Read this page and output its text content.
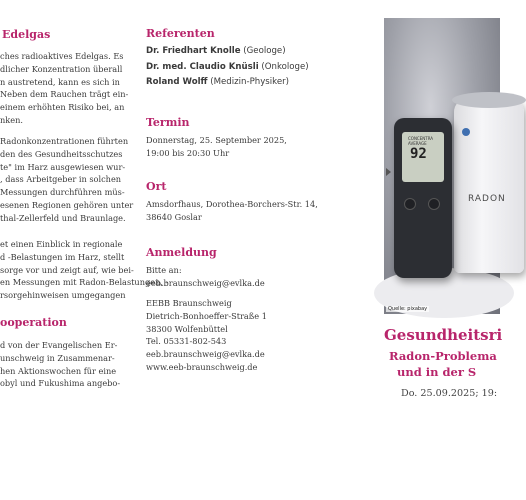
Edelgas

ches radioaktives Edelgas. Es

dlicher Konzentration überall

n austretend, kann es sich in

Neben dem Rauchen trägt ein-

einem erhöhten Risiko bei, an

nken.

Radonkonzentrationen führten

den des Gesundheitsschutzes

te" im Harz ausgewiesen wur-

, dass Arbeitgeber in solchen

Messungen durchführen müs-

esenen Regionen gehören unter

thal-Zellerfeld und Braunlage.

et einen Einblick in regionale

d -Belastungen im Harz, stellt

sorge vor und zeigt auf, wie bei-

en Messungen mit Radon-Belastungen, -

rsorgehinweisen umgegangen

ooperation

d von der Evangelischen Er-

unschweig in Zusammenar-

hen Aktionswochen für eine

obyl und Fukushima angebo-

Referenten

Dr. Friedhart Knolle (Geologe)
Dr. med. Claudio Knüsli (Onkologe)
Roland Wolff (Medizin-Physiker)

Termin

Donnerstag, 25. September 2025,

19:00 bis 20:30 Uhr

Ort

Amsdorfhaus, Dorothea-Borchers-Str. 14,

38640 Goslar

Anmeldung

Bitte an:

eeb.braunschweig@evlka.de

EEBB Braunschweig

Dietrich-Bonhoeffer-Straße 1

38300 Wolfenbüttel

Tel. 05331-802-543

eeb.braunschweig@evlka.de

www.eeb-braunschweig.de

RADON
CONCENTRA AVERAGE
92
Quelle: pixabay
Gesundheitsri
Radon-Problema
und in der S
Do. 25.09.2025; 19:
